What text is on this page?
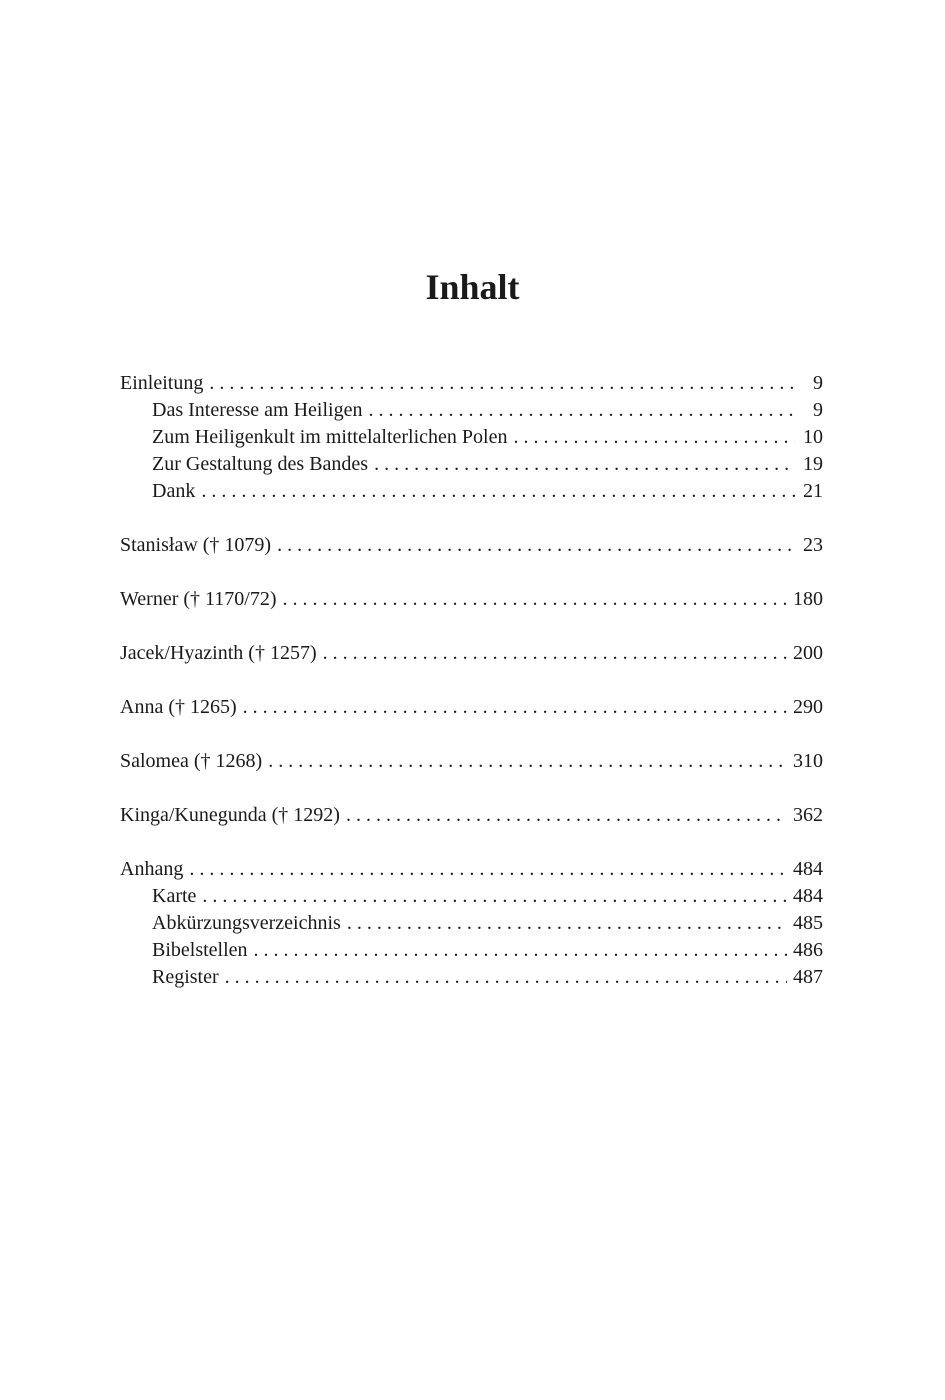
Inhalt
Einleitung . . .	9
Das Interesse am Heiligen . . .	9
Zum Heiligenkult im mittelalterlichen Polen . . .	10
Zur Gestaltung des Bandes . . .	19
Dank . . .	21
Stanisław († 1079) . . .	23
Werner († 1170/72) . . .	180
Jacek/Hyazinth († 1257) . . .	200
Anna († 1265) . . .	290
Salomea († 1268) . . .	310
Kinga/Kunegunda († 1292) . . .	362
Anhang . . .	484
Karte . . .	484
Abkürzungsverzeichnis . . .	485
Bibelstellen . . .	486
Register . . .	487
